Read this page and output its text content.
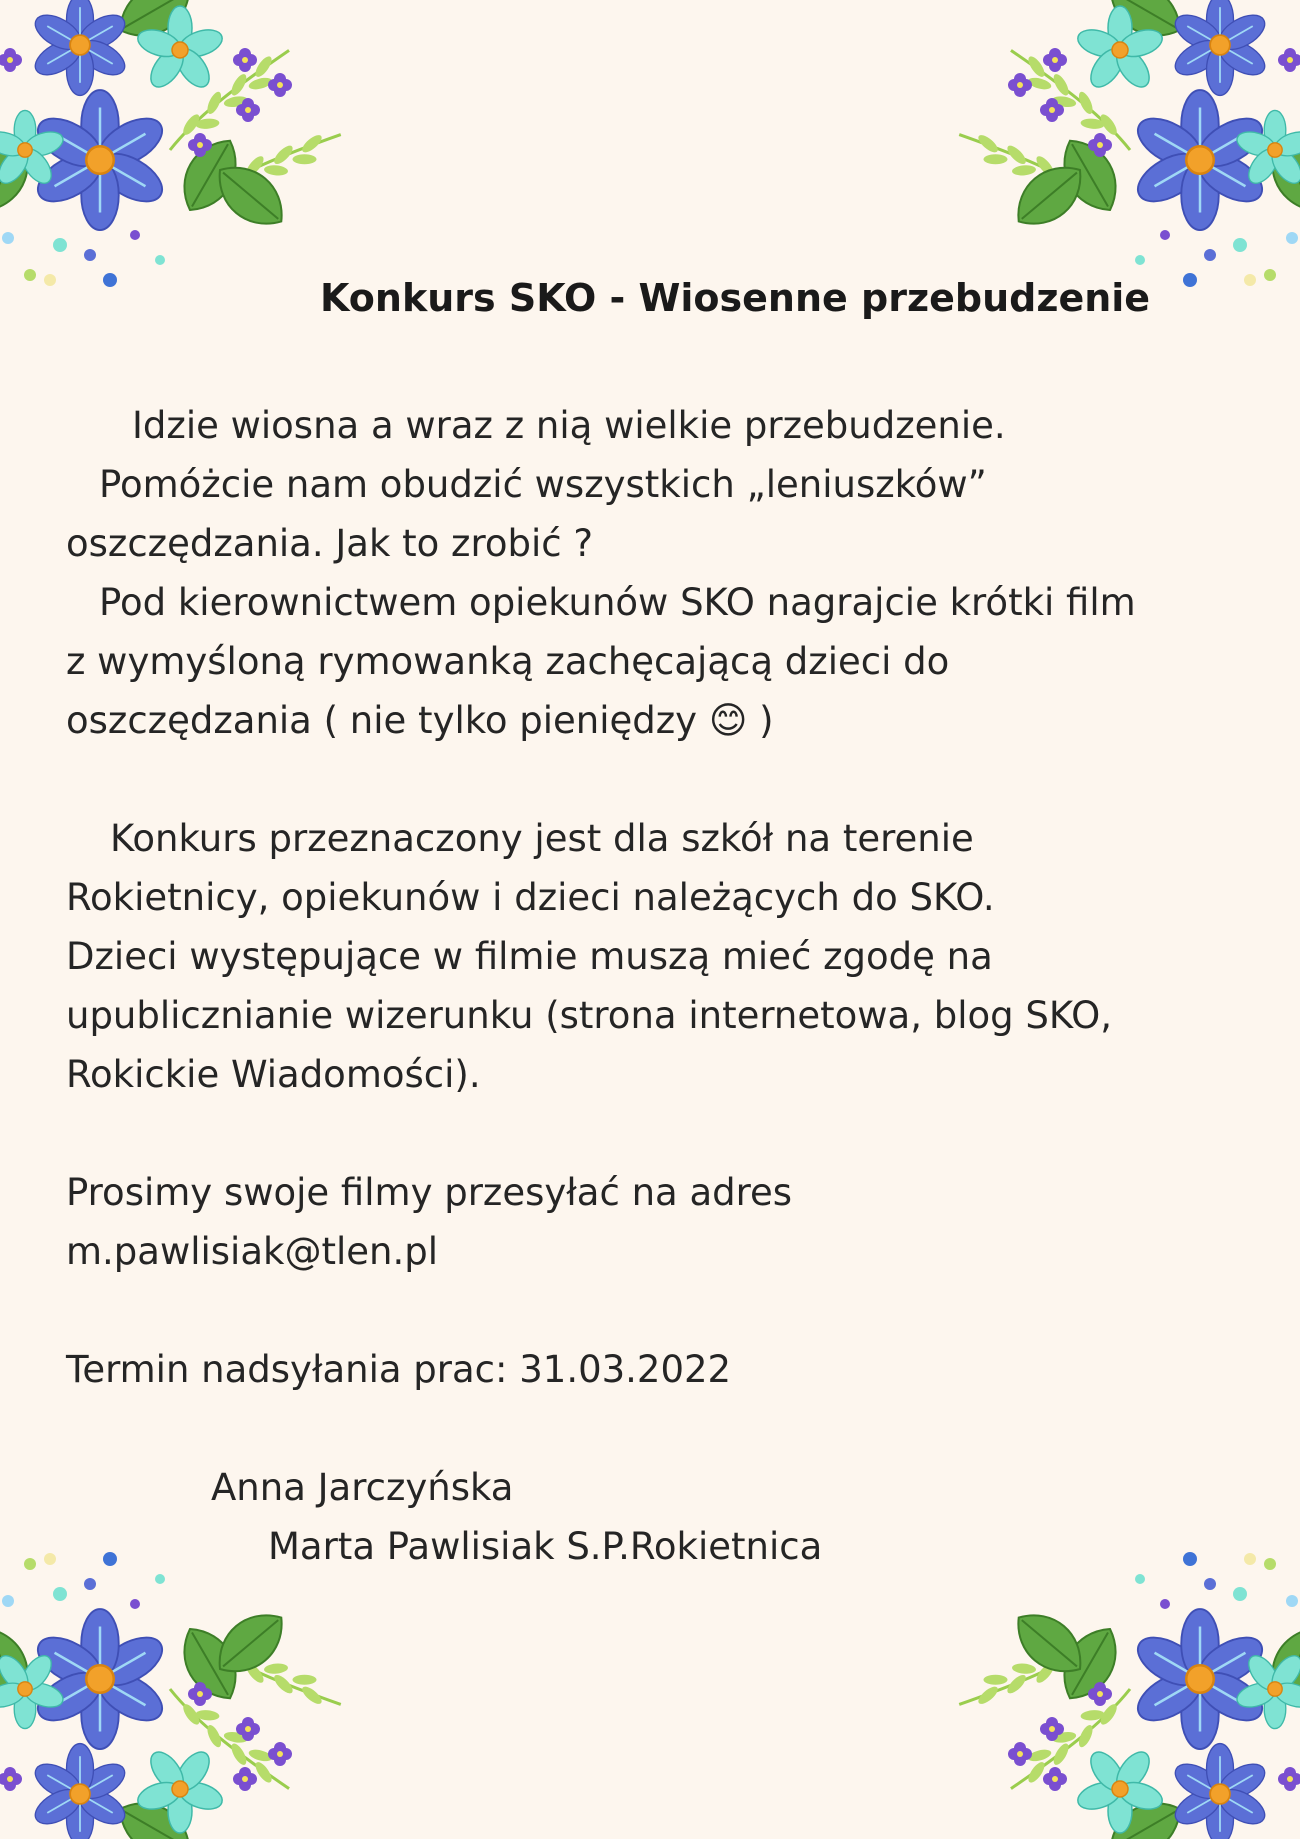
Konkurs SKO - Wiosenne przebudzenie
Idzie wiosna a wraz z nią wielkie przebudzenie.
Pomóżcie nam obudzić wszystkich „leniuszków”
oszczędzania. Jak to zrobić ?
Pod kierownictwem opiekunów SKO nagrajcie krótki film
z wymyśloną rymowanką zachęcającą dzieci do
oszczędzania ( nie tylko pieniędzy 😊 )
Konkurs przeznaczony jest dla szkół na terenie
Rokietnicy, opiekunów i dzieci należących do SKO.
Dzieci występujące w filmie muszą mieć zgodę na
upublicznianie wizerunku (strona internetowa, blog SKO,
Rokickie Wiadomości).
Prosimy swoje filmy przesyłać na adres
m.pawlisiak@tlen.pl
Termin nadsyłania prac: 31.03.2022
Anna Jarczyńska
Marta Pawlisiak S.P.Rokietnica
